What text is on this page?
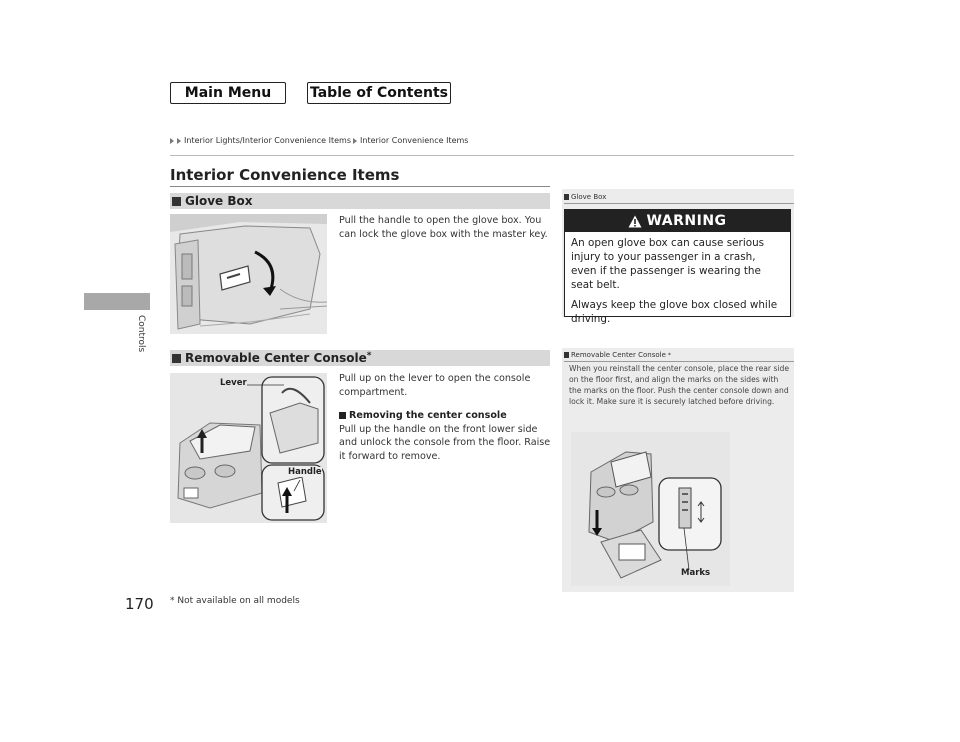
Main Menu	Table of Contents
Interior Lights/Interior Convenience Items Interior Convenience Items
Controls
170 * Not available on all models
Interior Convenience Items
Glove Box
Pull the handle to open the glove box. You can lock the glove box with the master key.
Removable Center Console*
Lever
Handle
Pull up on the lever to open the console compartment.
Removing the center console
Pull up the handle on the front lower side and unlock the console from the floor. Raise it forward to remove.
Glove Box
WARNING

An open glove box can cause serious injury to your passenger in a crash, even if the passenger is wearing the seat belt.

Always keep the glove box closed while driving.

Removable Center Console *
When you reinstall the center console, place the rear side on the floor first, and align the marks on the sides with the marks on the floor. Push the center console down and lock it. Make sure it is securely latched before driving.
Marks
